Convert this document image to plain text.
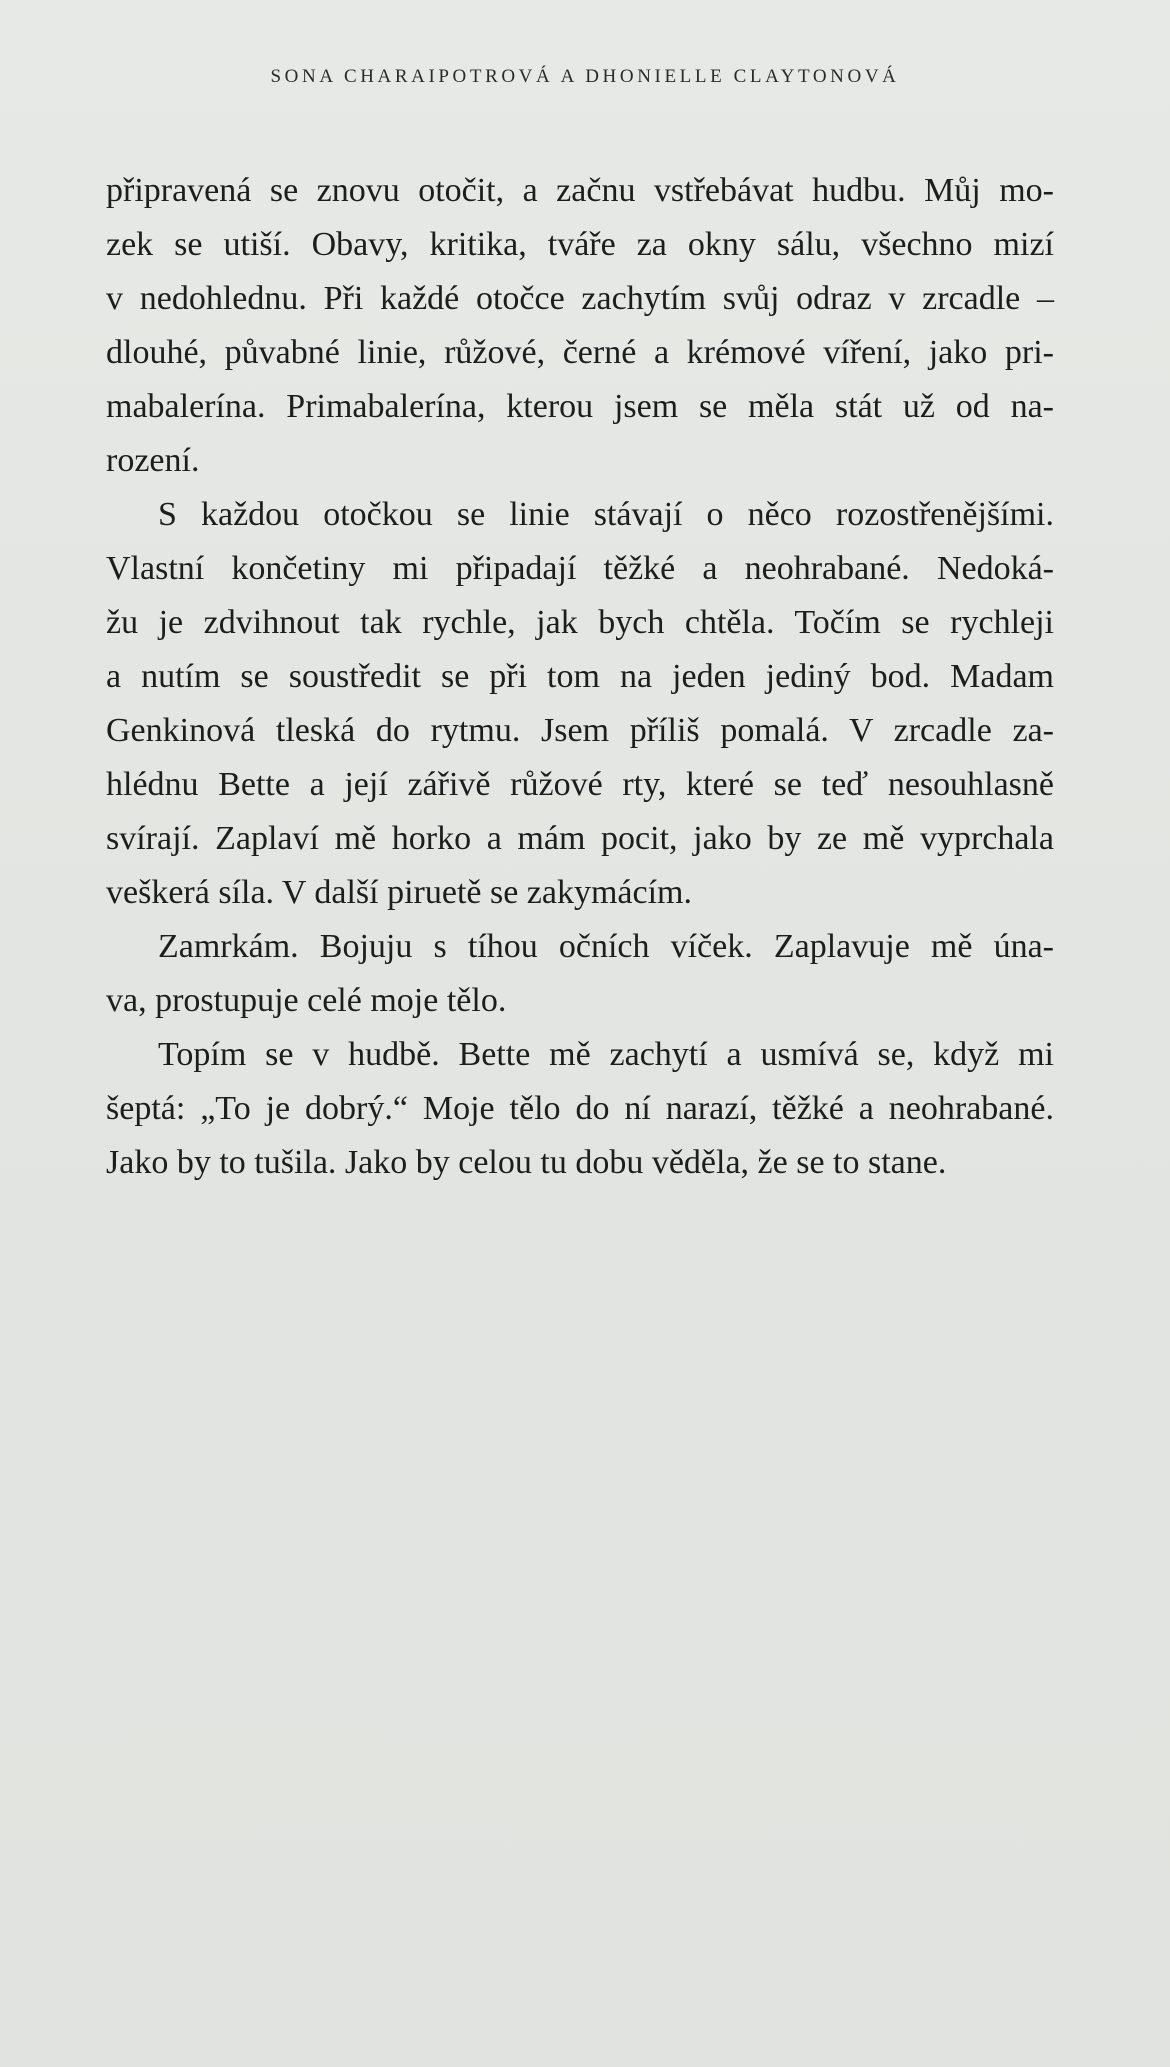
SONA CHARAIPOTROVÁ A DHONIELLE CLAYTONOVÁ

připravená se znovu otočit, a začnu vstřebávat hudbu. Můj mo-
zek se utiší. Obavy, kritika, tváře za okny sálu, všechno mizí
v nedohlednu. Při každé otočce zachytím svůj odraz v zrcadle –
dlouhé, půvabné linie, růžové, černé a krémové víření, jako pri-
mabalerína. Primabalerína, kterou jsem se měla stát už od na-
rození.

S každou otočkou se linie stávají o něco rozostřenějšími.
Vlastní končetiny mi připadají těžké a neohrabané. Nedoká-
žu je zdvihnout tak rychle, jak bych chtěla. Točím se rychleji
a nutím se soustředit se při tom na jeden jediný bod. Madam
Genkinová tleská do rytmu. Jsem příliš pomalá. V zrcadle za-
hlédnu Bette a její zářivě růžové rty, které se teď nesouhlasně
svírají. Zaplaví mě horko a mám pocit, jako by ze mě vyprchala
veškerá síla. V další piruetě se zakymácím.

Zamrkám. Bojuju s tíhou očních víček. Zaplavuje mě úna-
va, prostupuje celé moje tělo.

Topím se v hudbě. Bette mě zachytí a usmívá se, když mi
šeptá: „To je dobrý.“ Moje tělo do ní narazí, těžké a neohrabané.
Jako by to tušila. Jako by celou tu dobu věděla, že se to stane.
